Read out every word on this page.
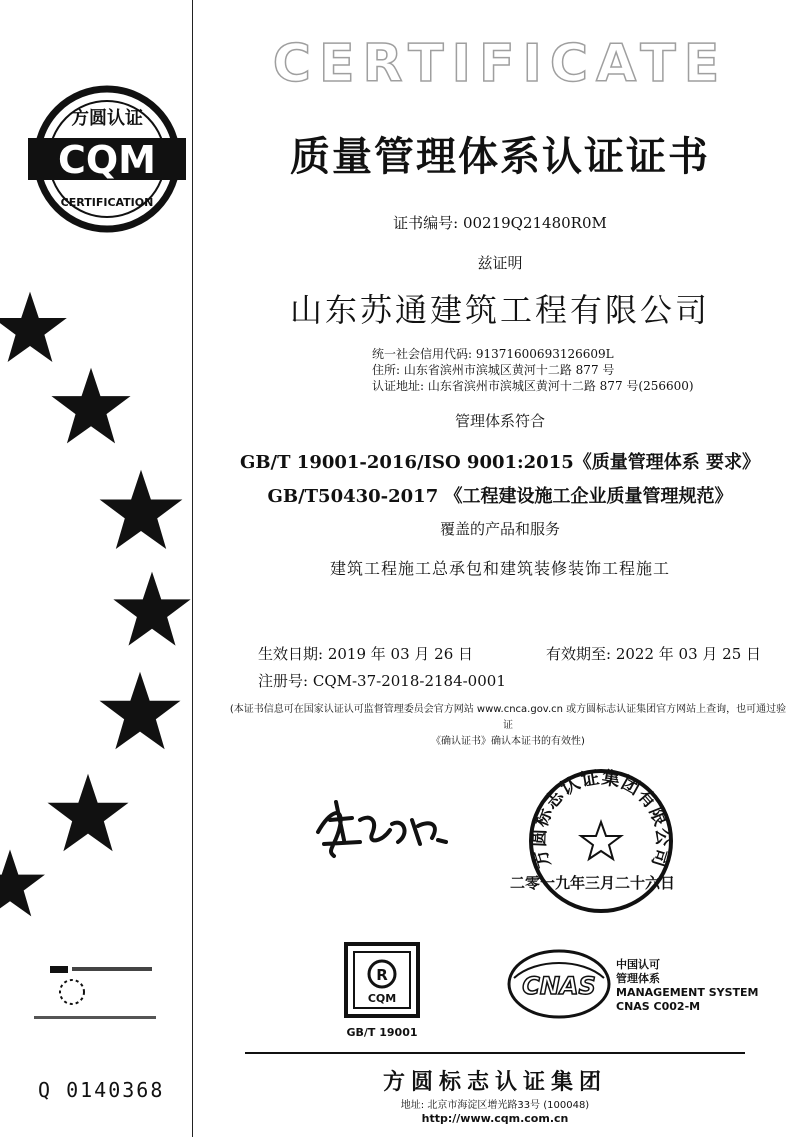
CQM
方圆认证
CERTIFICATION
CERTIFICATE
质量管理体系认证证书
证书编号: 00219Q21480R0M
兹证明
山东苏通建筑工程有限公司
统一社会信用代码: 91371600693126609L
住所: 山东省滨州市滨城区黄河十二路 877 号
认证地址: 山东省滨州市滨城区黄河十二路 877 号(256600)
管理体系符合
GB/T 19001-2016/ISO 9001:2015《质量管理体系 要求》
GB/T50430-2017 《工程建设施工企业质量管理规范》
覆盖的产品和服务
建筑工程施工总承包和建筑装修装饰工程施工
生效日期: 2019 年 03 月 26 日	有效期至: 2022 年 03 月 25 日
注册号: CQM-37-2018-2184-0001
(本证书信息可在国家认证认可监督管理委员会官方网站 www.cnca.gov.cn 或方圆标志认证集团官方网站上查询，也可通过验证
《确认证书》确认本证书的有效性)
方圆标志认证集团有限公司
二零一九年三月二十六日
Q 0140368
R
CQM
GB/T 19001
CNAS
中国认可
管理体系
MANAGEMENT SYSTEM
CNAS C002-M
方圆标志认证集团
地址: 北京市海淀区增光路33号 (100048)
http://www.cqm.com.cn
